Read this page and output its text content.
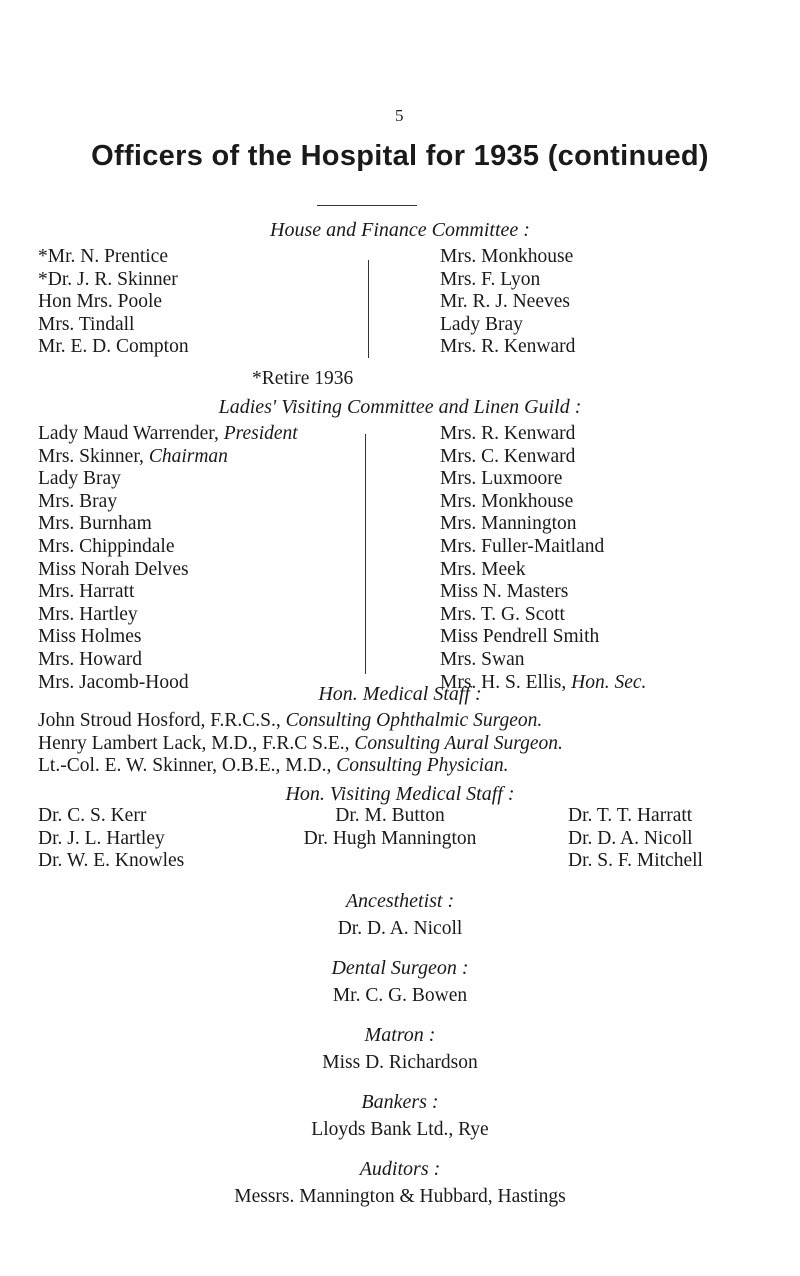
5
Officers of the Hospital for 1935 (continued)
House and Finance Committee :
*Mr. N. Prentice
*Dr. J. R. Skinner
Hon Mrs. Poole
Mrs. Tindall
Mr. E. D. Compton
Mrs. Monkhouse
Mrs. F. Lyon
Mr. R. J. Neeves
Lady Bray
Mrs. R. Kenward
*Retire 1936
Ladies' Visiting Committee and Linen Guild :
Lady Maud Warrender, President
Mrs. Skinner, Chairman
Lady Bray
Mrs. Bray
Mrs. Burnham
Mrs. Chippindale
Miss Norah Delves
Mrs. Harratt
Mrs. Hartley
Miss Holmes
Mrs. Howard
Mrs. Jacomb-Hood
Mrs. R. Kenward
Mrs. C. Kenward
Mrs. Luxmoore
Mrs. Monkhouse
Mrs. Mannington
Mrs. Fuller-Maitland
Mrs. Meek
Miss N. Masters
Mrs. T. G. Scott
Miss Pendrell Smith
Mrs. Swan
Mrs. H. S. Ellis, Hon. Sec.
Hon. Medical Staff :
John Stroud Hosford, F.R.C.S., Consulting Ophthalmic Surgeon.
Henry Lambert Lack, M.D., F.R.C S.E., Consulting Aural Surgeon.
Lt.-Col. E. W. Skinner, O.B.E., M.D., Consulting Physician.
Hon. Visiting Medical Staff :
Dr. C. S. Kerr
Dr. J. L. Hartley
Dr. W. E. Knowles
Dr. M. Button
Dr. Hugh Mannington
Dr. T. T. Harratt
Dr. D. A. Nicoll
Dr. S. F. Mitchell
Ancesthetist :
Dr. D. A. Nicoll
Dental Surgeon :
Mr. C. G. Bowen
Matron :
Miss D. Richardson
Bankers :
Lloyds Bank Ltd., Rye
Auditors :
Messrs. Mannington & Hubbard, Hastings
